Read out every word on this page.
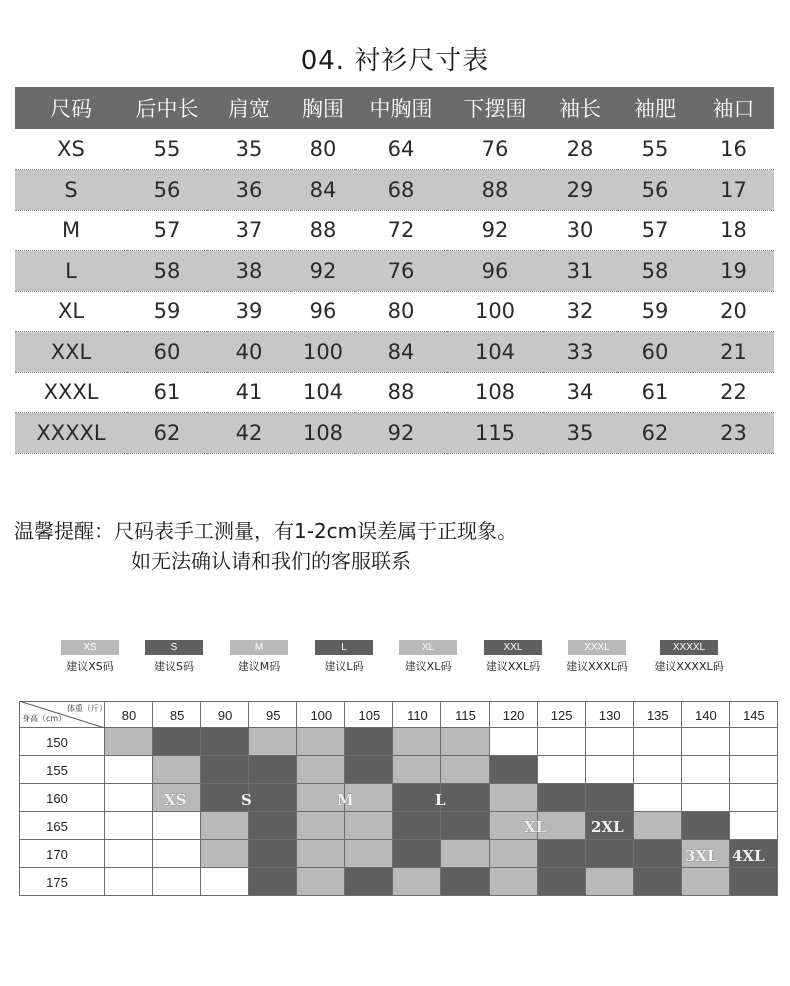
04. 衬衫尺寸表
尺码	后中长	肩宽	胸围	中胸围	下摆围	袖长	袖肥	袖口
XS	55	35	80	64	76	28	55	16
S	56	36	84	68	88	29	56	17
M	57	37	88	72	92	30	57	18
L	58	38	92	76	96	31	58	19
XL	59	39	96	80	100	32	59	20
XXL	60	40	100	84	104	33	60	21
XXXL	61	41	104	88	108	34	61	22
XXXXL	62	42	108	92	115	35	62	23
温馨提醒：尺码表手工测量，有1-2cm误差属于正现象。
如无法确认请和我们的客服联系
XS
建议XS码
S
建议S码
M
建议M码
L
建议L码
XL
建议XL码
XXL
建议XXL码
XXXL
建议XXXL码
XXXXL
建议XXXXL码
80	85	90	95	100	105	110	115	120	125	130	135	140	145
150
155
160
165
170
175
XS	S	M	L
XL	2XL
3XL 4XL
体重（斤）
身高（cm）
